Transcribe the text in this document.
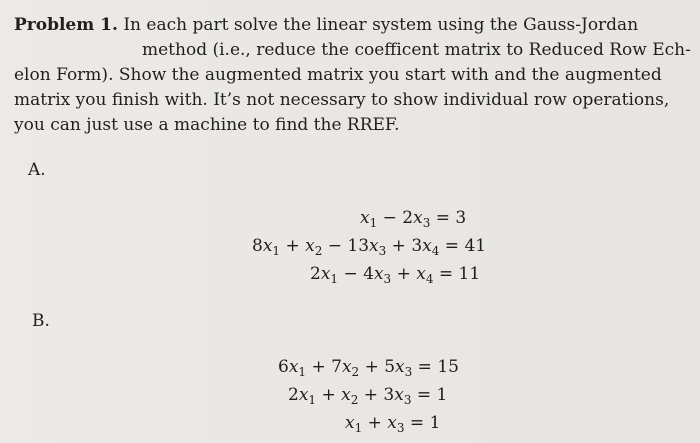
Problem 1. In each part solve the linear system using the Gauss-Jordan
method (i.e., reduce the coefficent matrix to Reduced Row Ech-
elon Form). Show the augmented matrix you start with and the augmented
matrix you finish with. It’s not necessary to show individual row operations,
you can just use a machine to find the RREF.
A.
$x_1 - 2x_3 = 3$
$8x_1 + x_2 - 13x_3 + 3x_4 = 41$
$2x_1 - 4x_3 + x_4 = 11$
B.
$6x_1 + 7x_2 + 5x_3 = 15$
$2x_1 + x_2 + 3x_3 = 1$
$x_1 + x_3 = 1$
